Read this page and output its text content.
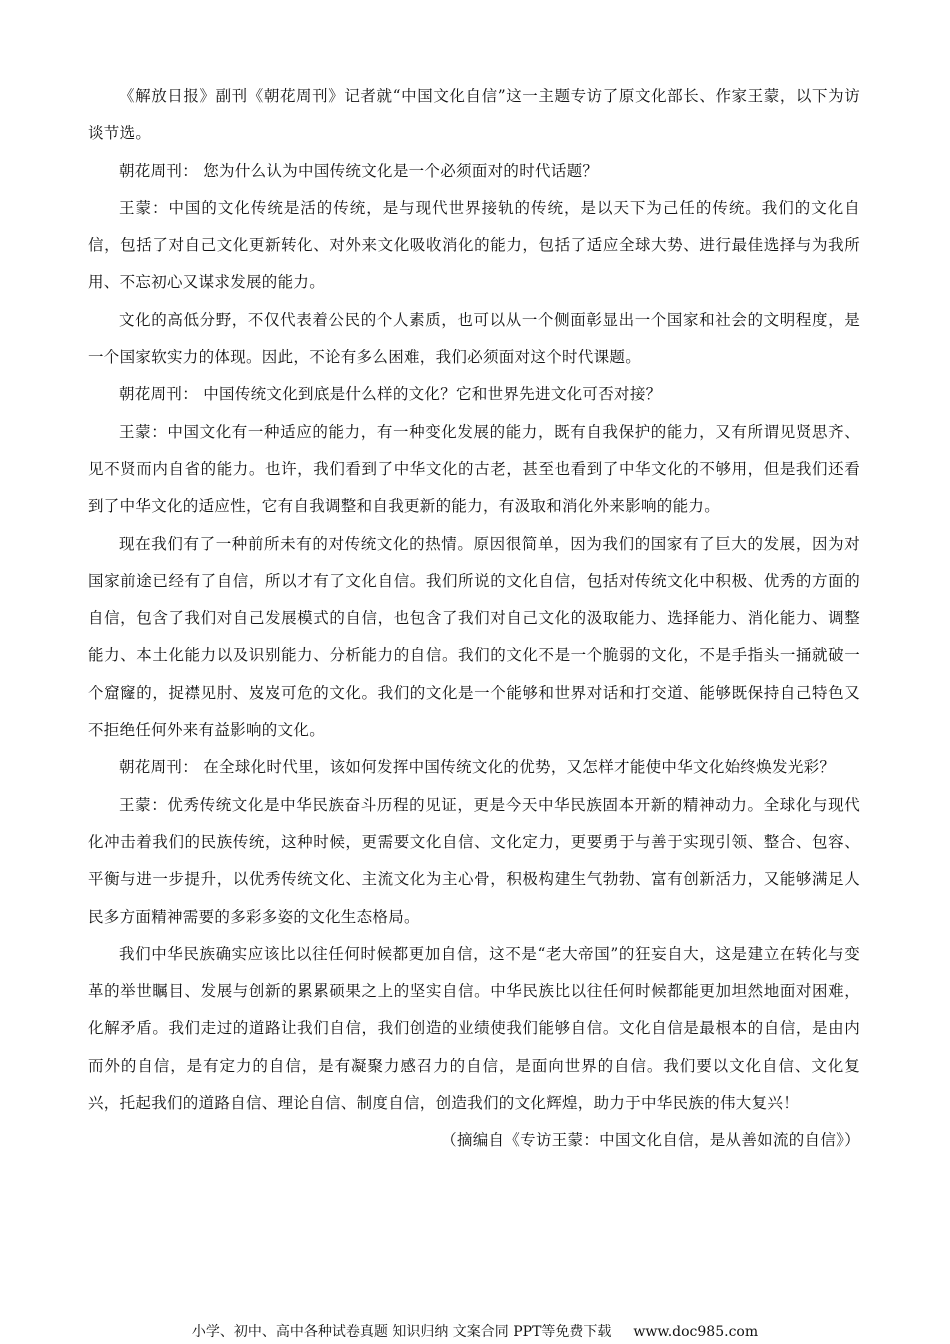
《解放日报》副刊《朝花周刊》记者就“中国文化自信”这一主题专访了原文化部长、作家王蒙，以下为访谈节选。

朝花周刊： 您为什么认为中国传统文化是一个必须面对的时代话题？

王蒙：中国的文化传统是活的传统，是与现代世界接轨的传统，是以天下为己任的传统。我们的文化自信，包括了对自己文化更新转化、对外来文化吸收消化的能力，包括了适应全球大势、进行最佳选择与为我所用、不忘初心又谋求发展的能力。

文化的高低分野，不仅代表着公民的个人素质，也可以从一个侧面彰显出一个国家和社会的文明程度，是一个国家软实力的体现。因此，不论有多么困难，我们必须面对这个时代课题。

朝花周刊： 中国传统文化到底是什么样的文化？它和世界先进文化可否对接？

王蒙：中国文化有一种适应的能力，有一种变化发展的能力，既有自我保护的能力，又有所谓见贤思齐、见不贤而内自省的能力。也许，我们看到了中华文化的古老，甚至也看到了中华文化的不够用，但是我们还看到了中华文化的适应性，它有自我调整和自我更新的能力，有汲取和消化外来影响的能力。

现在我们有了一种前所未有的对传统文化的热情。原因很简单，因为我们的国家有了巨大的发展，因为对国家前途已经有了自信，所以才有了文化自信。我们所说的文化自信，包括对传统文化中积极、优秀的方面的自信，包含了我们对自己发展模式的自信，也包含了我们对自己文化的汲取能力、选择能力、消化能力、调整能力、本土化能力以及识别能力、分析能力的自信。我们的文化不是一个脆弱的文化，不是手指头一捅就破一个窟窿的，捉襟见肘、岌岌可危的文化。我们的文化是一个能够和世界对话和打交道、能够既保持自己特色又不拒绝任何外来有益影响的文化。

朝花周刊： 在全球化时代里，该如何发挥中国传统文化的优势，又怎样才能使中华文化始终焕发光彩？

王蒙：优秀传统文化是中华民族奋斗历程的见证，更是今天中华民族固本开新的精神动力。全球化与现代化冲击着我们的民族传统，这种时候，更需要文化自信、文化定力，更要勇于与善于实现引领、整合、包容、平衡与进一步提升，以优秀传统文化、主流文化为主心骨，积极构建生气勃勃、富有创新活力，又能够满足人民多方面精神需要的多彩多姿的文化生态格局。

我们中华民族确实应该比以往任何时候都更加自信，这不是“老大帝国”的狂妄自大，这是建立在转化与变革的举世瞩目、发展与创新的累累硕果之上的坚实自信。中华民族比以往任何时候都能更加坦然地面对困难，化解矛盾。我们走过的道路让我们自信，我们创造的业绩使我们能够自信。文化自信是最根本的自信，是由内而外的自信，是有定力的自信，是有凝聚力感召力的自信，是面向世界的自信。我们要以文化自信、文化复兴，托起我们的道路自信、理论自信、制度自信，创造我们的文化辉煌，助力于中华民族的伟大复兴！

（摘编自《专访王蒙：中国文化自信，是从善如流的自信》）

小学、初中、高中各种试卷真题 知识归纳 文案合同 PPT等免费下载 www.doc985.com
